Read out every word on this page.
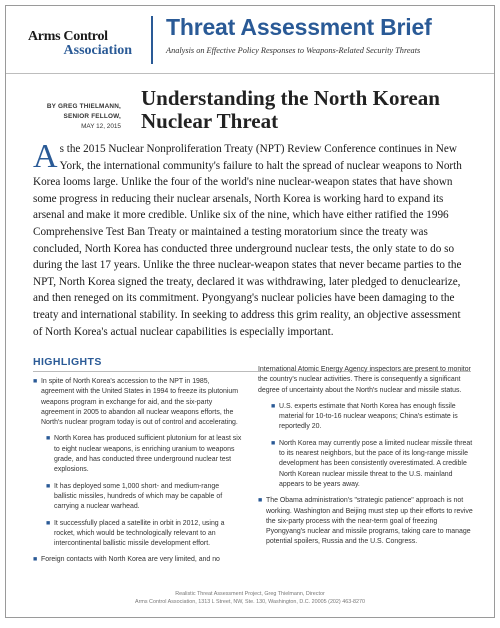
Arms Control
Association
Threat Assessment Brief
Analysis on Effective Policy Responses to Weapons-Related Security Threats
BY GREG THIELMANN,
SENIOR FELLOW,
MAY 12, 2015
Understanding the North Korean Nuclear Threat
As the 2015 Nuclear Nonproliferation Treaty (NPT) Review Conference continues in New York, the international community's failure to halt the spread of nuclear weapons to North Korea looms large. Unlike the four of the world's nine nuclear-weapon states that have shown some progress in reducing their nuclear arsenals, North Korea is working hard to expand its arsenal and make it more credible. Unlike six of the nine, which have either ratified the 1996 Comprehensive Test Ban Treaty or maintained a testing moratorium since the treaty was concluded, North Korea has conducted three underground nuclear tests, the only state to do so during the last 17 years. Unlike the three nuclear-weapon states that never became parties to the NPT, North Korea signed the treaty, declared it was withdrawing, later pledged to denuclearize, and then reneged on its commitment. Pyongyang's nuclear policies have been damaging to the treaty and international stability. In seeking to address this grim reality, an objective assessment of North Korea's actual nuclear capabilities is especially important.
HIGHLIGHTS
■ In spite of North Korea's accession to the NPT in 1985, agreement with the United States in 1994 to freeze its plutonium weapons program in exchange for aid, and the six-party agreement in 2005 to abandon all nuclear weapons efforts, the North's nuclear program today is out of control and accelerating.
■ North Korea has produced sufficient plutonium for at least six to eight nuclear weapons, is enriching uranium to weapons grade, and has conducted three underground nuclear test explosions.
■ It has deployed some 1,000 short- and medium-range ballistic missiles, hundreds of which may be capable of carrying a nuclear warhead.
■ It successfully placed a satellite in orbit in 2012, using a rocket, which would be technologically relevant to an intercontinental ballistic missile development effort.
■ Foreign contacts with North Korea are very limited, and no
International Atomic Energy Agency inspectors are present to monitor the country's nuclear activities. There is consequently a significant degree of uncertainty about the North's nuclear and missile status.
■ U.S. experts estimate that North Korea has enough fissile material for 10-to-16 nuclear weapons; China's estimate is reportedly 20.
■ North Korea may currently pose a limited nuclear missile threat to its nearest neighbors, but the pace of its long-range missile development has been consistently overestimated. A credible North Korean nuclear missile threat to the U.S. mainland appears to be years away.
■ The Obama administration's "strategic patience" approach is not working. Washington and Beijing must step up their efforts to revive the six-party process with the near-term goal of freezing Pyongyang's nuclear and missile programs, taking care to manage potential spoilers, Russia and the U.S. Congress.
Realistic Threat Assessment Project, Greg Thielmann, Director
Arms Control Association, 1313 L Street, NW, Ste. 130, Washington, D.C. 20005 (202) 463-8270
